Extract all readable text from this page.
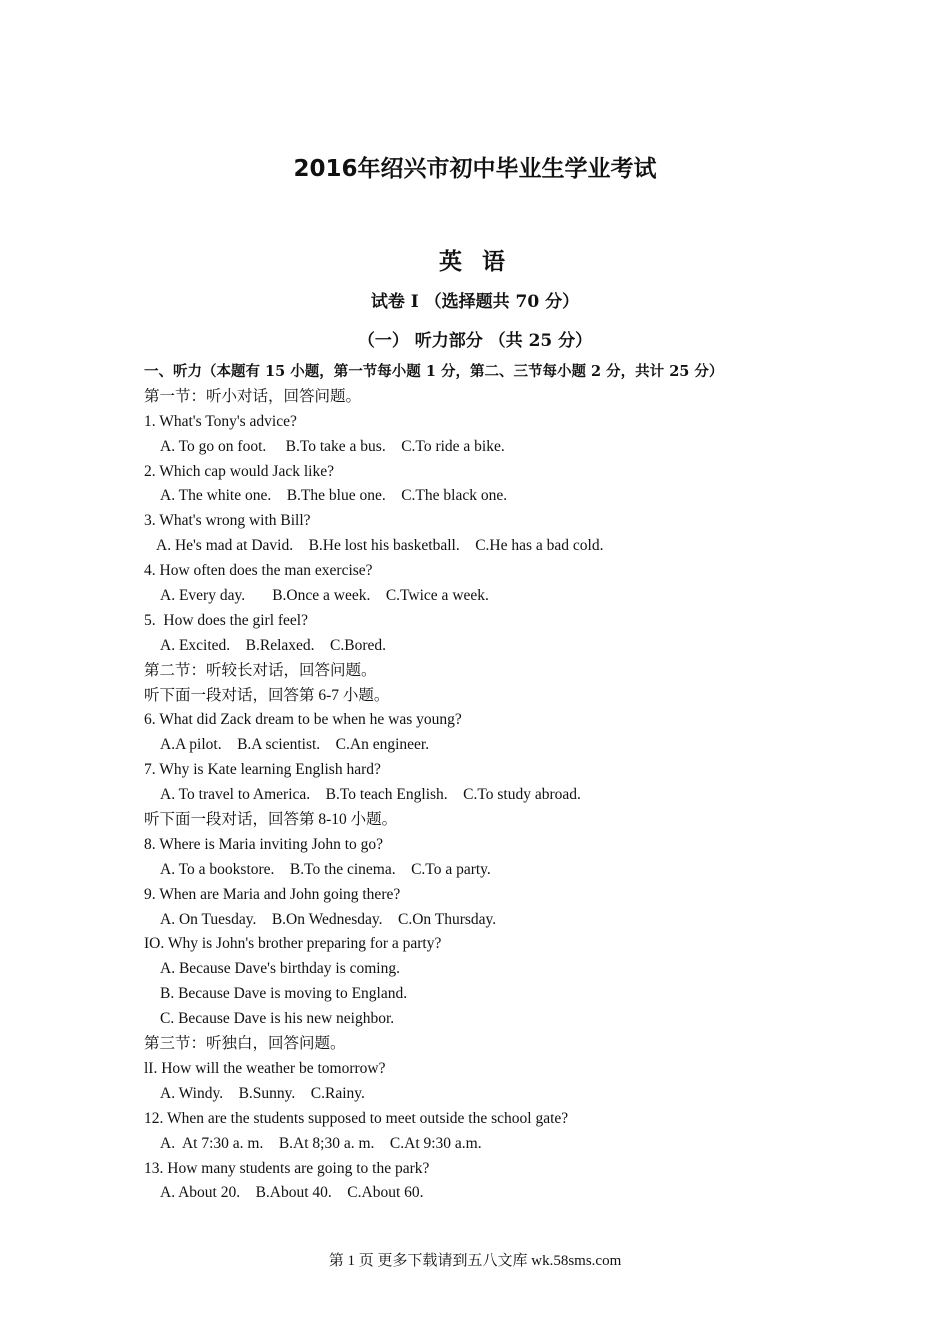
2016年绍兴市初中毕业生学业考试
英 语
试卷 Ⅰ （选择题共 70 分）
（一） 听力部分 （共 25 分）
一、听力（本题有 15 小题，第一节每小题 1 分，第二、三节每小题 2 分，共计 25 分）
第一节：听小对话，回答问题。
1. What's Tony's advice?
A. To go on foot.     B.To take a bus.    C.To ride a bike.
2. Which cap would Jack like?
A. The white one.    B.The blue one.    C.The black one.
3. What's wrong with Bill?
A. He's mad at David.    B.He lost his basketball.    C.He has a bad cold.
4. How often does the man exercise?
A. Every day.       B.Once a week.    C.Twice a week.
5.  How does the girl feel?
A. Excited.    B.Relaxed.    C.Bored.
第二节：听较长对话，回答问题。
听下面一段对话，回答第 6-7 小题。
6. What did Zack dream to be when he was young?
A.A pilot.    B.A scientist.    C.An engineer.
7. Why is Kate learning English hard?
A. To travel to America.    B.To teach English.    C.To study abroad.
听下面一段对话，回答第 8-10 小题。
8. Where is Maria inviting John to go?
A. To a bookstore.    B.To the cinema.    C.To a party.
9. When are Maria and John going there?
A. On Tuesday.    B.On Wednesday.    C.On Thursday.
IO. Why is John's brother preparing for a party?
A. Because Dave's birthday is coming.
B. Because Dave is moving to England.
C. Because Dave is his new neighbor.
第三节：听独白，回答问题。
lI. How will the weather be tomorrow?
A. Windy.    B.Sunny.    C.Rainy.
12. When are the students supposed to meet outside the school gate?
A.  At 7:30 a. m.    B.At 8;30 a. m.    C.At 9:30 a.m.
13. How many students are going to the park?
A. About 20.    B.About 40.    C.About 60.
第 1 页 更多下载请到五八文库 wk.58sms.com
